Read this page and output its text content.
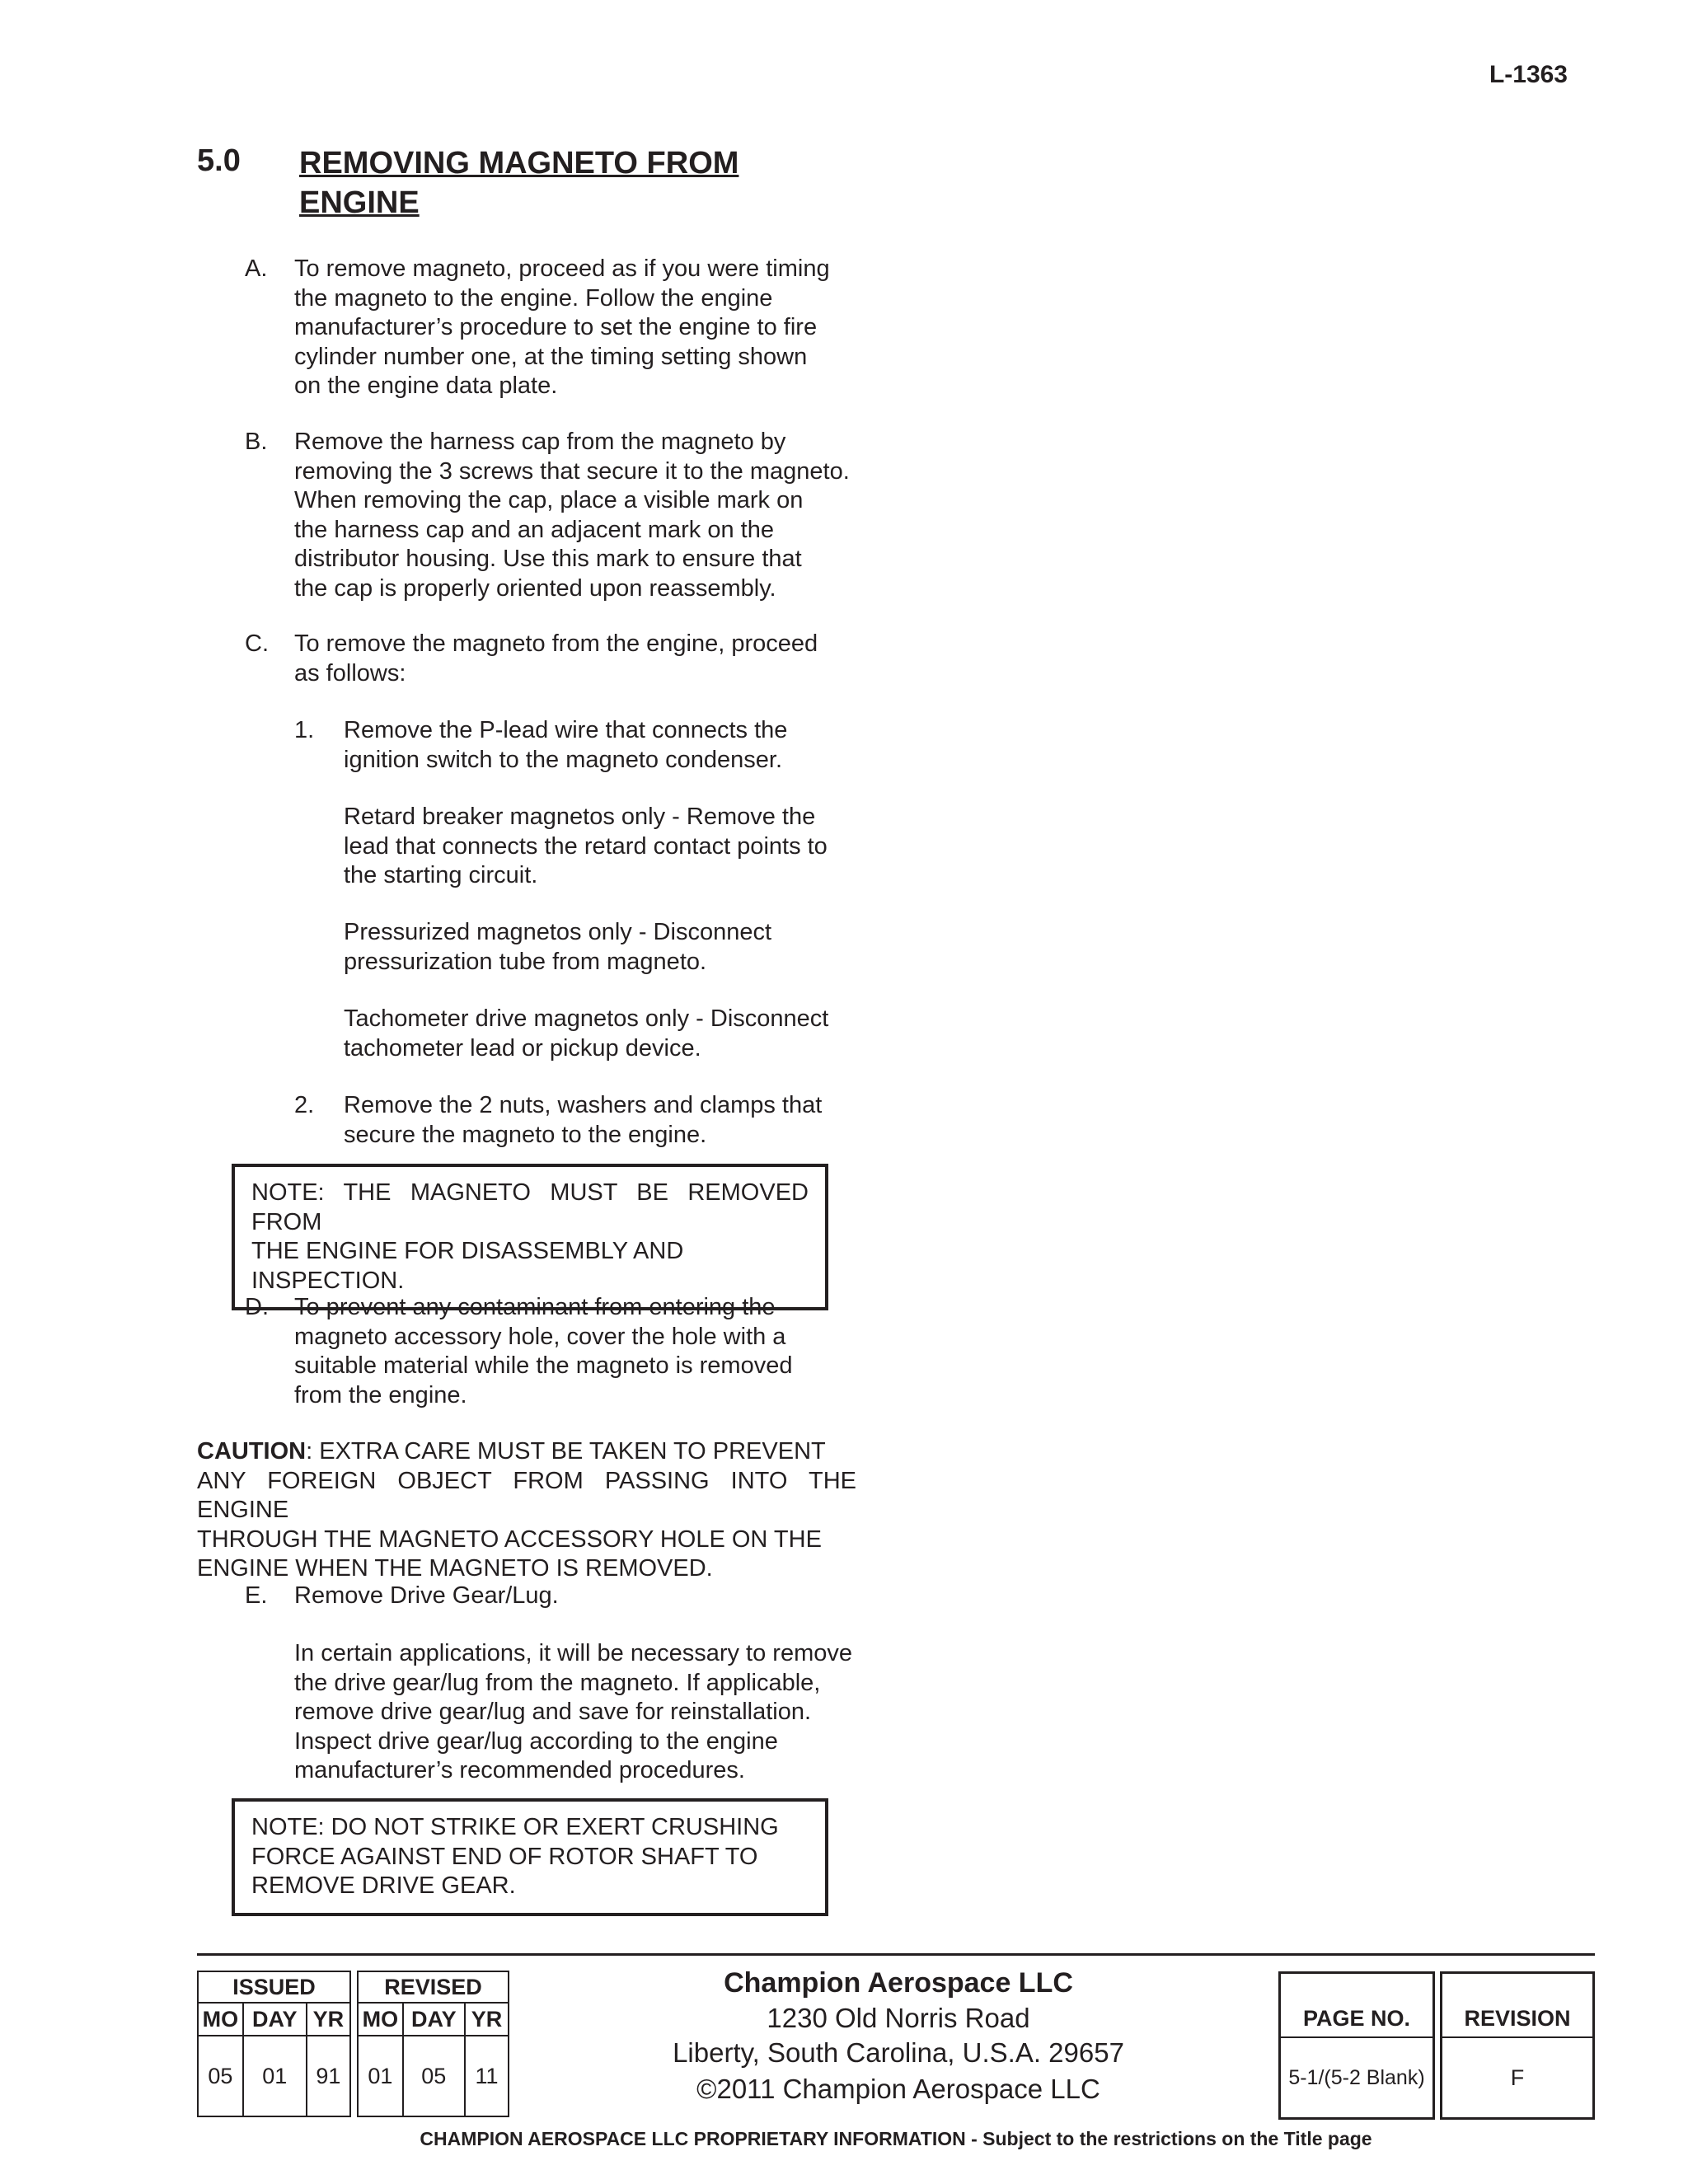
L-1363
5.0 REMOVING MAGNETO FROM
ENGINE
A. To remove magneto, proceed as if you were timing
the magneto to the engine. Follow the engine
manufacturer’s procedure to set the engine to fire
cylinder number one, at the timing setting shown
on the engine data plate.
B. Remove the harness cap from the magneto by
removing the 3 screws that secure it to the magneto.
When removing the cap, place a visible mark on
the harness cap and an adjacent mark on the
distributor housing. Use this mark to ensure that
the cap is properly oriented upon reassembly.
C. To remove the magneto from the engine, proceed
as follows:
1. Remove the P-lead wire that connects the
ignition switch to the magneto condenser.
Retard breaker magnetos only - Remove the
lead that connects the retard contact points to
the starting circuit.
Pressurized magnetos only - Disconnect
pressurization tube from magneto.
Tachometer drive magnetos only - Disconnect
tachometer lead or pickup device.
2. Remove the 2 nuts, washers and clamps that
secure the magneto to the engine.
NOTE: THE MAGNETO MUST BE REMOVED FROM
THE ENGINE FOR DISASSEMBLY AND
INSPECTION.
D. To prevent any contaminant from entering the
magneto accessory hole, cover the hole with a
suitable material while the magneto is removed
from the engine.
CAUTION: EXTRA CARE MUST BE TAKEN TO PREVENT
ANY FOREIGN OBJECT FROM PASSING INTO THE ENGINE
THROUGH THE MAGNETO ACCESSORY HOLE ON THE
ENGINE WHEN THE MAGNETO IS REMOVED.
E. Remove Drive Gear/Lug.
In certain applications, it will be necessary to remove
the drive gear/lug from the magneto. If applicable,
remove drive gear/lug and save for reinstallation.
Inspect drive gear/lug according to the engine
manufacturer’s recommended procedures.
NOTE: DO NOT STRIKE OR EXERT CRUSHING
FORCE AGAINST END OF ROTOR SHAFT TO
REMOVE DRIVE GEAR.
ISSUED		
MO	DAY	YR
05	01	91
REVISED		
MO	DAY	YR
01	05	11
Champion Aerospace LLC
1230 Old Norris Road
Liberty, South Carolina, U.S.A. 29657
©2011 Champion Aerospace LLC
PAGE NO.
5-1/(5-2 Blank)
REVISION
F
CHAMPION AEROSPACE LLC PROPRIETARY INFORMATION - Subject to the restrictions on the Title page
